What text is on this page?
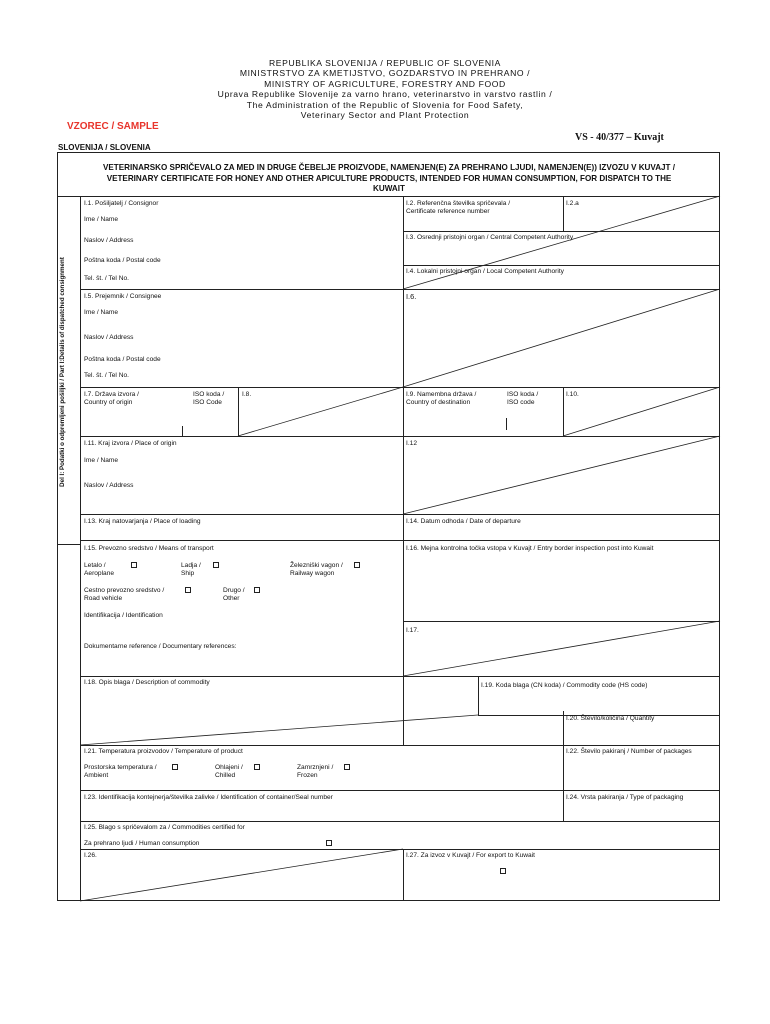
REPUBLIKA SLOVENIJA / REPUBLIC OF SLOVENIA
MINISTRSTVO ZA KMETIJSTVO, GOZDARSTVO IN PREHRANO /
MINISTRY OF AGRICULTURE, FORESTRY AND FOOD
Uprava Republike Slovenije za varno hrano, veterinarstvo in varstvo rastlin /
The Administration of the Republic of Slovenia for Food Safety,
Veterinary Sector and Plant Protection
VZOREC / SAMPLE
VS - 40/377 – Kuvajt
SLOVENIJA / SLOVENIA
VETERINARSKO SPRIČEVALO ZA MED IN DRUGE ČEBELJE PROIZVODE, NAMENJEN(E) ZA PREHRANO LJUDI, NAMENJEN(E)) IZVOZU V KUVAJT /
VETERINARY CERTIFICATE FOR HONEY AND OTHER APICULTURE PRODUCTS, INTENDED FOR HUMAN CONSUMPTION, FOR DISPATCH TO THE
KUWAIT
Del I: Podatki o odpremljeni pošiljki / Part I:Details of dispatched consignment
I.1. Pošiljatelj / Consignor
Ime / Name
Naslov / Address
Poštna koda / Postal code
Tel. št. / Tel No.
I.2. Referenčna številka spričevala /
Certificate reference number
I.2.a
I.3. Osrednji pristojni organ / Central Competent Authority
I.4. Lokalni pristojni organ / Local Competent Authority
I.5. Prejemnik / Consignee
Ime / Name
Naslov / Address
Poštna koda / Postal code
Tel. št. / Tel No.
I.6.
I.7. Država izvora /
Country of origin
ISO koda /
ISO Code
I.8.	I.9. Namembna država /
Country of destination
ISO koda /
ISO code
I.10.
I.11. Kraj izvora / Place of origin
Ime / Name
Naslov / Address
I.12
I.13. Kraj natovarjanja / Place of loading	I.14. Datum odhoda / Date of departure
I.15. Prevozno sredstvo / Means of transport
Letalo /
Aeroplane
Ladja /
Ship
Železniški vagon /
Railway wagon
Cestno prevozno sredstvo /
Road vehicle
Drugo /
Other
Identifikacija / Identification
Dokumentarne reference / Documentary references:
I.16. Mejna kontrolna točka vstopa v Kuvajt / Entry border inspection post into Kuwait
I.17.
I.18. Opis blaga / Description of commodity	I.19. Koda blaga (CN koda) / Commodity code (HS code)
I.20. Število/količina / Quantity
I.21. Temperatura proizvodov / Temperature of product
Prostorska temperatura /
Ambient
Ohlajeni /
Chilled
Zamrznjeni /
Frozen
I.22. Število pakiranj / Number of packages
I.23. Identifikacija kontejnerja/številka zalivke / Identification of container/Seal number	I.24. Vrsta pakiranja / Type of packaging
I.25. Blago s spričevalom za / Commodities certified for
Za prehrano ljudi / Human consumption
I.26.	I.27. Za izvoz v Kuvajt / For export to Kuwait
